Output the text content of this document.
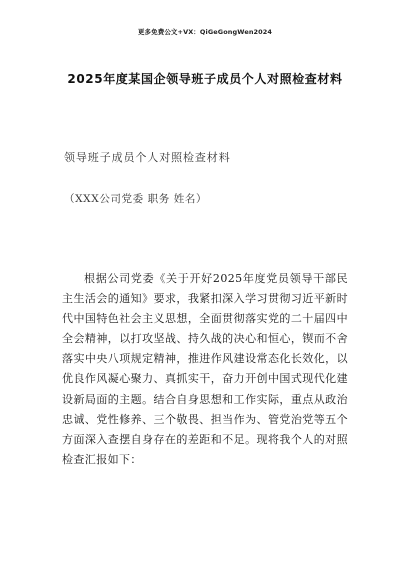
更多免费公文+VX：QiGeGongWen2024
2025年度某国企领导班子成员个人对照检查材料
领导班子成员个人对照检查材料
（XXX公司党委 职务 姓名）

根据公司党委《关于开好2025年度党员领导干部民主生活会的通知》要求，我紧扣深入学习贯彻习近平新时代中国特色社会主义思想，全面贯彻落实党的二十届四中全会精神，以打攻坚战、持久战的决心和恒心，锲而不舍落实中央八项规定精神，推进作风建设常态化长效化，以优良作风凝心聚力、真抓实干，奋力开创中国式现代化建设新局面的主题。结合自身思想和工作实际，重点从政治忠诚、党性修养、三个敬畏、担当作为、管党治党等五个方面深入查摆自身存在的差距和不足。现将我个人的对照检查汇报如下：
